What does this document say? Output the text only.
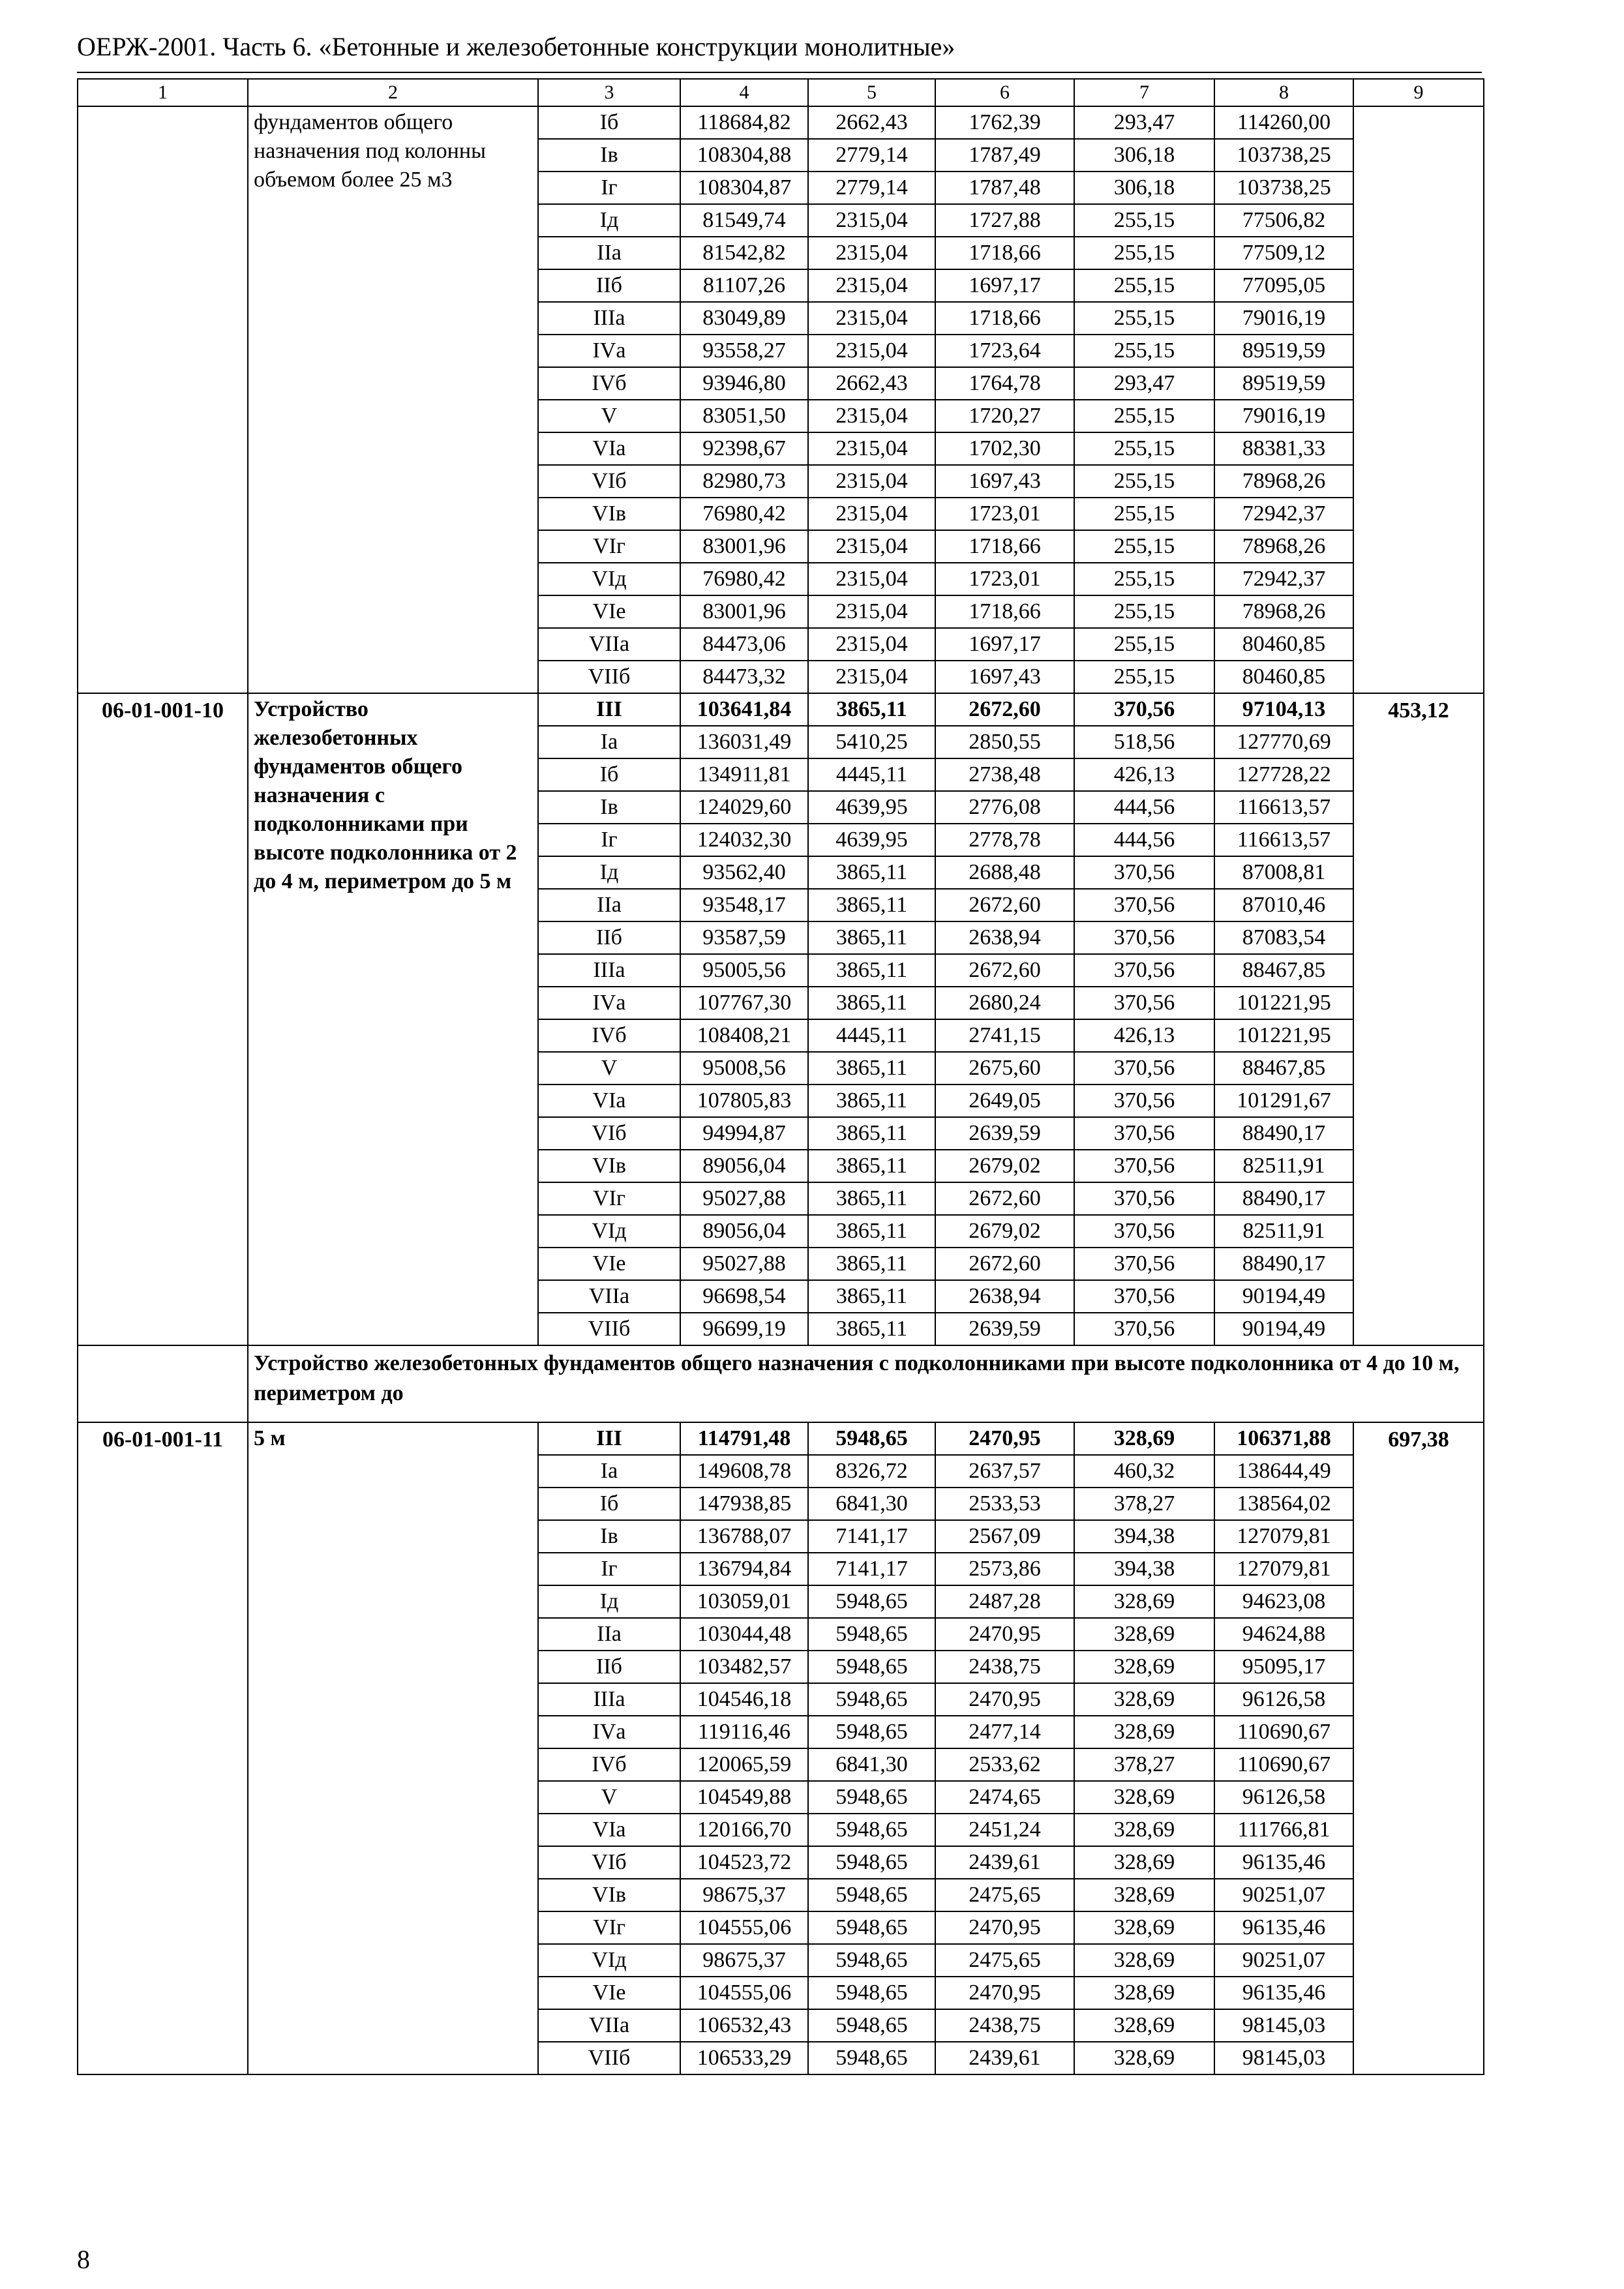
ОЕРЖ-2001. Часть 6. «Бетонные и железобетонные конструкции монолитные»
1	2	3	4	5	6	7	8	9
	фундаментов общего назначения под колонны объемом более 25 м3	Iб	118684,82	2662,43	1762,39	293,47	114260,00	
		Iв	108304,88	2779,14	1787,49	306,18	103738,25	
		Iг	108304,87	2779,14	1787,48	306,18	103738,25	
		Iд	81549,74	2315,04	1727,88	255,15	77506,82	
		IIа	81542,82	2315,04	1718,66	255,15	77509,12	
		IIб	81107,26	2315,04	1697,17	255,15	77095,05	
		IIIа	83049,89	2315,04	1718,66	255,15	79016,19	
		IVа	93558,27	2315,04	1723,64	255,15	89519,59	
		IVб	93946,80	2662,43	1764,78	293,47	89519,59	
		V	83051,50	2315,04	1720,27	255,15	79016,19	
		VIа	92398,67	2315,04	1702,30	255,15	88381,33	
		VIб	82980,73	2315,04	1697,43	255,15	78968,26	
		VIв	76980,42	2315,04	1723,01	255,15	72942,37	
		VIг	83001,96	2315,04	1718,66	255,15	78968,26	
		VIд	76980,42	2315,04	1723,01	255,15	72942,37	
		VIе	83001,96	2315,04	1718,66	255,15	78968,26	
		VIIа	84473,06	2315,04	1697,17	255,15	80460,85	
		VIIб	84473,32	2315,04	1697,43	255,15	80460,85	
06-01-001-10	Устройство железобетонных фундаментов общего назначения с подколонниками при высоте подколонника от 2 до 4 м, периметром до 5 м	III	103641,84	3865,11	2672,60	370,56	97104,13	453,12
		Iа	136031,49	5410,25	2850,55	518,56	127770,69	
		Iб	134911,81	4445,11	2738,48	426,13	127728,22	
		Iв	124029,60	4639,95	2776,08	444,56	116613,57	
		Iг	124032,30	4639,95	2778,78	444,56	116613,57	
		Iд	93562,40	3865,11	2688,48	370,56	87008,81	
		IIа	93548,17	3865,11	2672,60	370,56	87010,46	
		IIб	93587,59	3865,11	2638,94	370,56	87083,54	
		IIIа	95005,56	3865,11	2672,60	370,56	88467,85	
		IVа	107767,30	3865,11	2680,24	370,56	101221,95	
		IVб	108408,21	4445,11	2741,15	426,13	101221,95	
		V	95008,56	3865,11	2675,60	370,56	88467,85	
		VIа	107805,83	3865,11	2649,05	370,56	101291,67	
		VIб	94994,87	3865,11	2639,59	370,56	88490,17	
		VIв	89056,04	3865,11	2679,02	370,56	82511,91	
		VIг	95027,88	3865,11	2672,60	370,56	88490,17	
		VIд	89056,04	3865,11	2679,02	370,56	82511,91	
		VIе	95027,88	3865,11	2672,60	370,56	88490,17	
		VIIа	96698,54	3865,11	2638,94	370,56	90194,49	
		VIIб	96699,19	3865,11	2639,59	370,56	90194,49	
	Устройство железобетонных фундаментов общего назначения с подколонниками при высоте подколонника от 4 до 10 м, периметром до							
06-01-001-11	5 м	III	114791,48	5948,65	2470,95	328,69	106371,88	697,38
		Iа	149608,78	8326,72	2637,57	460,32	138644,49	
		Iб	147938,85	6841,30	2533,53	378,27	138564,02	
		Iв	136788,07	7141,17	2567,09	394,38	127079,81	
		Iг	136794,84	7141,17	2573,86	394,38	127079,81	
		Iд	103059,01	5948,65	2487,28	328,69	94623,08	
		IIа	103044,48	5948,65	2470,95	328,69	94624,88	
		IIб	103482,57	5948,65	2438,75	328,69	95095,17	
		IIIа	104546,18	5948,65	2470,95	328,69	96126,58	
		IVа	119116,46	5948,65	2477,14	328,69	110690,67	
		IVб	120065,59	6841,30	2533,62	378,27	110690,67	
		V	104549,88	5948,65	2474,65	328,69	96126,58	
		VIа	120166,70	5948,65	2451,24	328,69	111766,81	
		VIб	104523,72	5948,65	2439,61	328,69	96135,46	
		VIв	98675,37	5948,65	2475,65	328,69	90251,07	
		VIг	104555,06	5948,65	2470,95	328,69	96135,46	
		VIд	98675,37	5948,65	2475,65	328,69	90251,07	
		VIе	104555,06	5948,65	2470,95	328,69	96135,46	
		VIIа	106532,43	5948,65	2438,75	328,69	98145,03	
		VIIб	106533,29	5948,65	2439,61	328,69	98145,03	
8
